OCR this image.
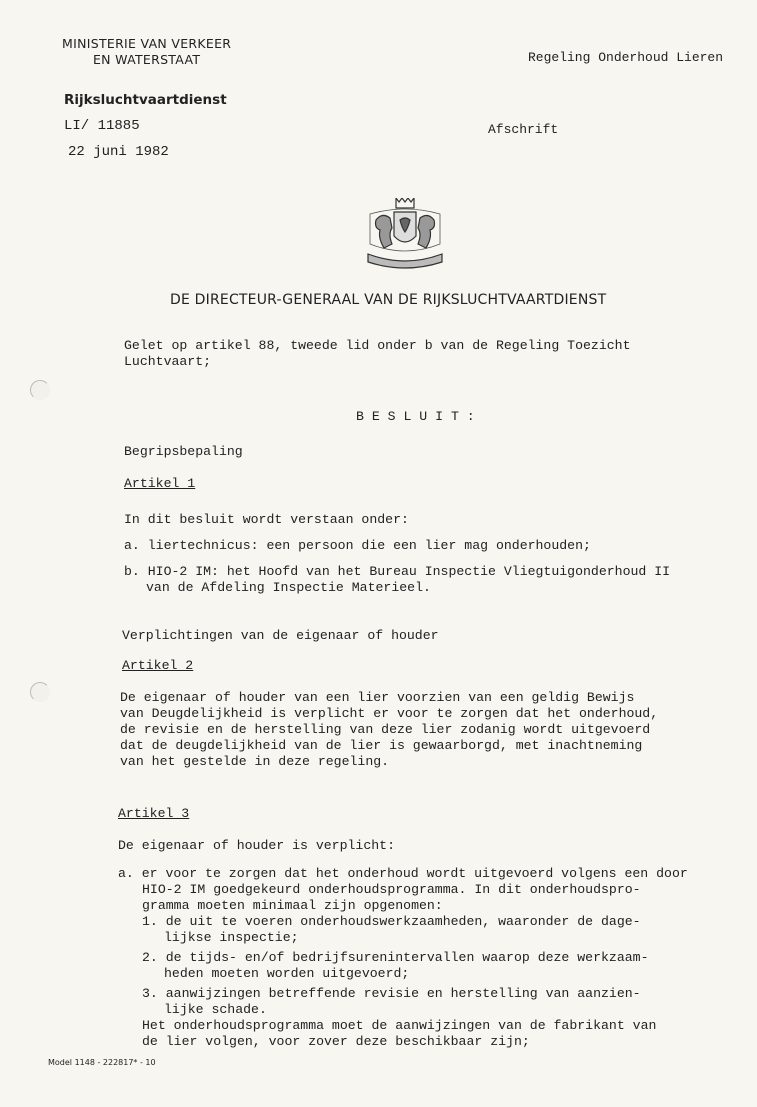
MINISTERIE VAN VERKEER
EN WATERSTAAT	Regeling Onderhoud Lieren
Rijksluchtvaartdienst
LI/ 11885
22 juni 1982
Afschrift
DE DIRECTEUR-GENERAAL VAN DE RIJKSLUCHTVAARTDIENST
Gelet op artikel 88, tweede lid onder b van de Regeling Toezicht
Luchtvaart;
B E S L U I T :
Begripsbepaling
Artikel 1
In dit besluit wordt verstaan onder:
a. liertechnicus: een persoon die een lier mag onderhouden;
b. HIO-2 IM: het Hoofd van het Bureau Inspectie Vliegtuigonderhoud II
van de Afdeling Inspectie Materieel.
Verplichtingen van de eigenaar of houder
Artikel 2
De eigenaar of houder van een lier voorzien van een geldig Bewijs
van Deugdelijkheid is verplicht er voor te zorgen dat het onderhoud,
de revisie en de herstelling van deze lier zodanig wordt uitgevoerd
dat de deugdelijkheid van de lier is gewaarborgd, met inachtneming
van het gestelde in deze regeling.
Artikel 3
De eigenaar of houder is verplicht:
a. er voor te zorgen dat het onderhoud wordt uitgevoerd volgens een door
HIO-2 IM goedgekeurd onderhoudsprogramma. In dit onderhoudspro-
gramma moeten minimaal zijn opgenomen:
1. de uit te voeren onderhoudswerkzaamheden, waaronder de dage-
lijkse inspectie;
2. de tijds- en/of bedrijfsurenintervallen waarop deze werkzaam-
heden moeten worden uitgevoerd;
3. aanwijzingen betreffende revisie en herstelling van aanzien-
lijke schade.
Het onderhoudsprogramma moet de aanwijzingen van de fabrikant van
de lier volgen, voor zover deze beschikbaar zijn;
Model 1148 - 222817* - 10
